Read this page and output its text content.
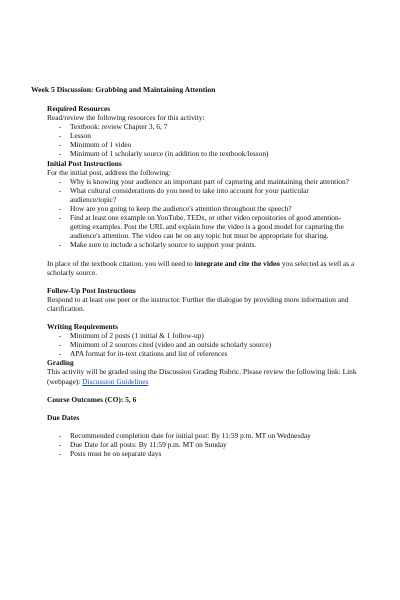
Week 5 Discussion: Grabbing and Maintaining Attention

Required Resources

Read/review the following resources for this activity:

- Textbook: review Chapter 3, 6, 7
- Lesson
- Minimum of 1 video
- Minimum of 1 scholarly source (in addition to the textbook/lesson)

Initial Post Instructions

For the initial post, address the following:

- Why is knowing your audience an important part of capturing and maintaining their attention?
- What cultural considerations do you need to take into account for your particular audience/topic?
- How are you going to keep the audience's attention throughout the speech?
- Find at least one example on YouTube, TEDx, or other video repositories of good attention-getting examples. Post the URL and explain how the video is a good model for capturing the audience's attention. The video can be on any topic but must be appropriate for sharing.
- Make sure to include a scholarly source to support your points.

In place of the textbook citation, you will need to integrate and cite the video you selected as well as a scholarly source.

Follow-Up Post Instructions

Respond to at least one peer or the instructor. Further the dialogue by providing more information and clarification.

Writing Requirements

- Minimum of 2 posts (1 initial & 1 follow-up)
- Minimum of 2 sources cited (video and an outside scholarly source)
- APA format for in-text citations and list of references

Grading

This activity will be graded using the Discussion Grading Rubric. Please review the following link: Link (webpage): Discussion Guidelines

Course Outcomes (CO): 5, 6

Due Dates

- Recommended completion date for initial post: By 11:59 p.m. MT on Wednesday
- Due Date for all posts: By 11:59 p.m. MT on Sunday
- Posts must be on separate days
